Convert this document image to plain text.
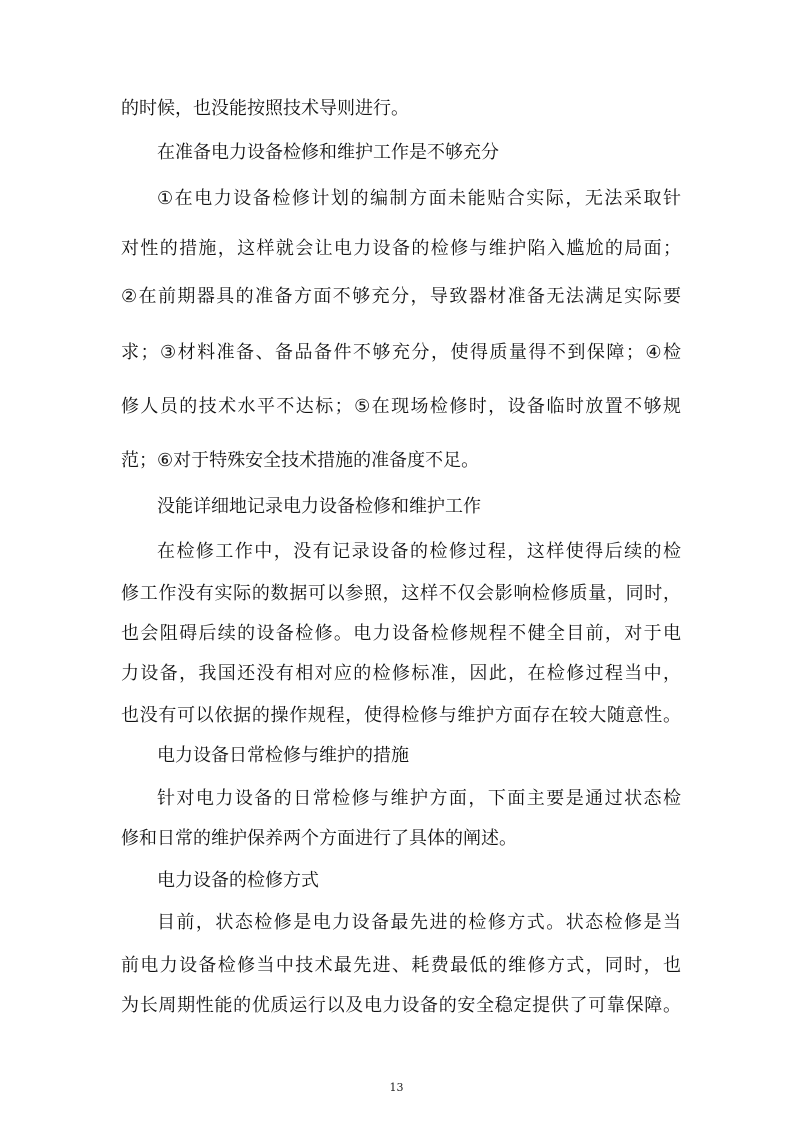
的时候，也没能按照技术导则进行。
在准备电力设备检修和维护工作是不够充分
①在电力设备检修计划的编制方面未能贴合实际，无法采取针
对性的措施，这样就会让电力设备的检修与维护陷入尴尬的局面；
②在前期器具的准备方面不够充分，导致器材准备无法满足实际要
求；③材料准备、备品备件不够充分，使得质量得不到保障；④检
修人员的技术水平不达标；⑤在现场检修时，设备临时放置不够规
范；⑥对于特殊安全技术措施的准备度不足。
没能详细地记录电力设备检修和维护工作
在检修工作中，没有记录设备的检修过程，这样使得后续的检
修工作没有实际的数据可以参照，这样不仅会影响检修质量，同时，
也会阻碍后续的设备检修。电力设备检修规程不健全目前，对于电
力设备，我国还没有相对应的检修标准，因此，在检修过程当中，
也没有可以依据的操作规程，使得检修与维护方面存在较大随意性。
电力设备日常检修与维护的措施
针对电力设备的日常检修与维护方面，下面主要是通过状态检
修和日常的维护保养两个方面进行了具体的阐述。
电力设备的检修方式
目前，状态检修是电力设备最先进的检修方式。状态检修是当
前电力设备检修当中技术最先进、耗费最低的维修方式，同时，也
为长周期性能的优质运行以及电力设备的安全稳定提供了可靠保障。
13
